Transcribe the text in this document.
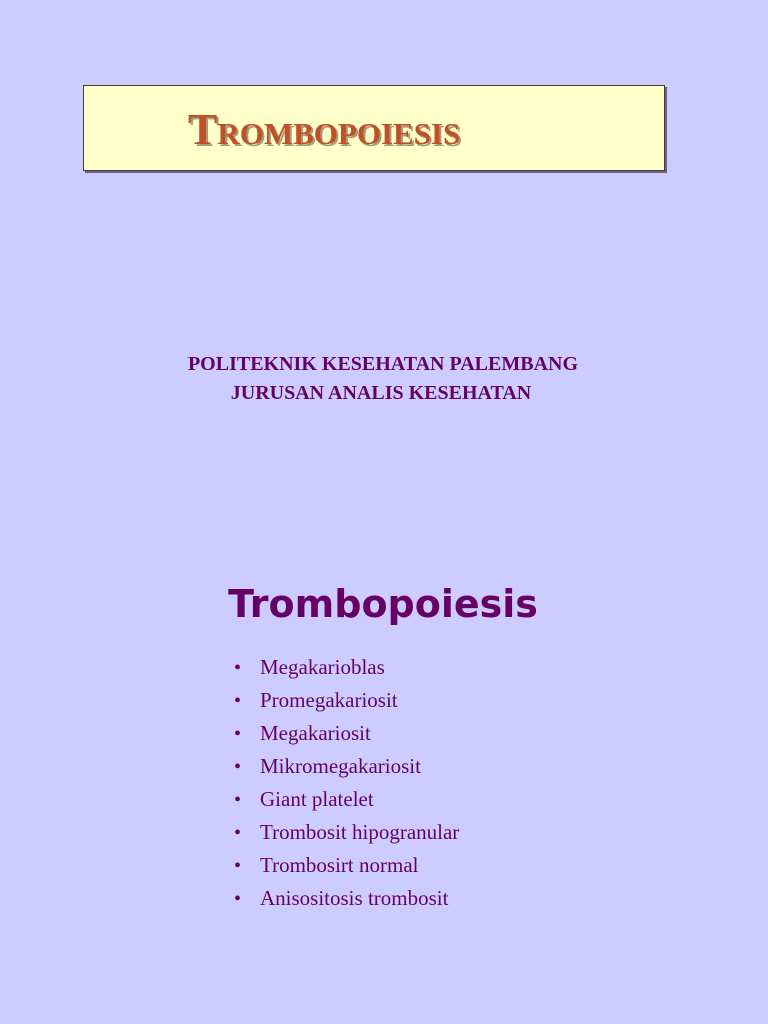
Trombopoiesis

POLITEKNIK KESEHATAN PALEMBANG

JURUSAN ANALIS KESEHATAN

Trombopoiesis
• Megakarioblas
• Promegakariosit
• Megakariosit
• Mikromegakariosit
• Giant platelet
• Trombosit hipogranular
• Trombosirt normal
• Anisositosis trombosit
